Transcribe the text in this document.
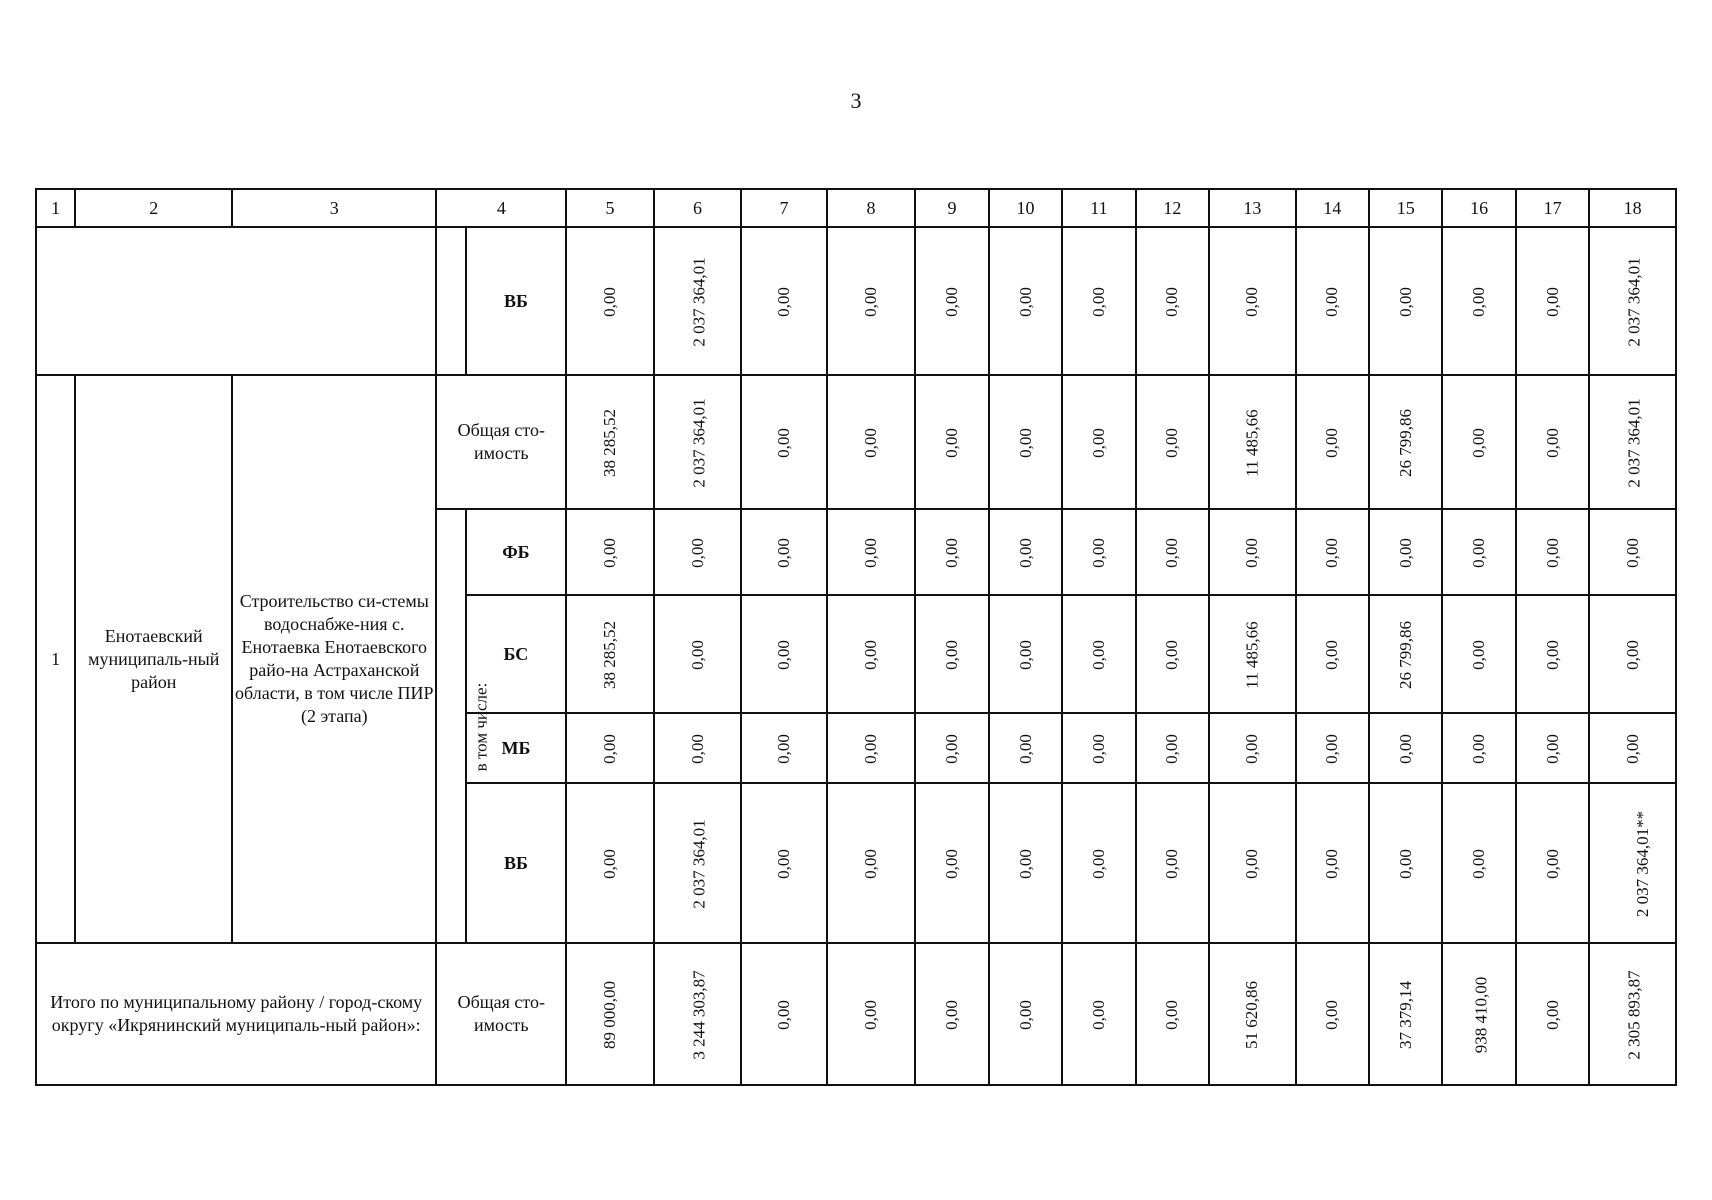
3
1	2	3	4		5	6	7	8	9	10	11	12	13	14	15	16	17	18
				ВБ	0,00	2 037 364,01	0,00	0,00	0,00	0,00	0,00	0,00	0,00	0,00	0,00	0,00	0,00	2 037 364,01
1	Енотаевский муниципаль-ный район	Строительство си-стемы водоснабже-ния с. Енотаевка Енотаевского райо-на Астраханской области, в том числе ПИР (2 этапа)	Общая сто-имость		38 285,52	2 037 364,01	0,00	0,00	0,00	0,00	0,00	0,00	11 485,66	0,00	26 799,86	0,00	0,00	2 037 364,01
			в том числе:	ФБ	0,00	0,00	0,00	0,00	0,00	0,00	0,00	0,00	0,00	0,00	0,00	0,00	0,00	0,00
				БС	38 285,52	0,00	0,00	0,00	0,00	0,00	0,00	0,00	11 485,66	0,00	26 799,86	0,00	0,00	0,00
				МБ	0,00	0,00	0,00	0,00	0,00	0,00	0,00	0,00	0,00	0,00	0,00	0,00	0,00	0,00
				ВБ	0,00	2 037 364,01	0,00	0,00	0,00	0,00	0,00	0,00	0,00	0,00	0,00	0,00	0,00	2 037 364,01**
Итого по муниципальному району / город-скому округу «Икрянинский муниципаль-ный район»:			Общая сто-имость		89 000,00	3 244 303,87	0,00	0,00	0,00	0,00	0,00	0,00	51 620,86	0,00	37 379,14	938 410,00	0,00	2 305 893,87
